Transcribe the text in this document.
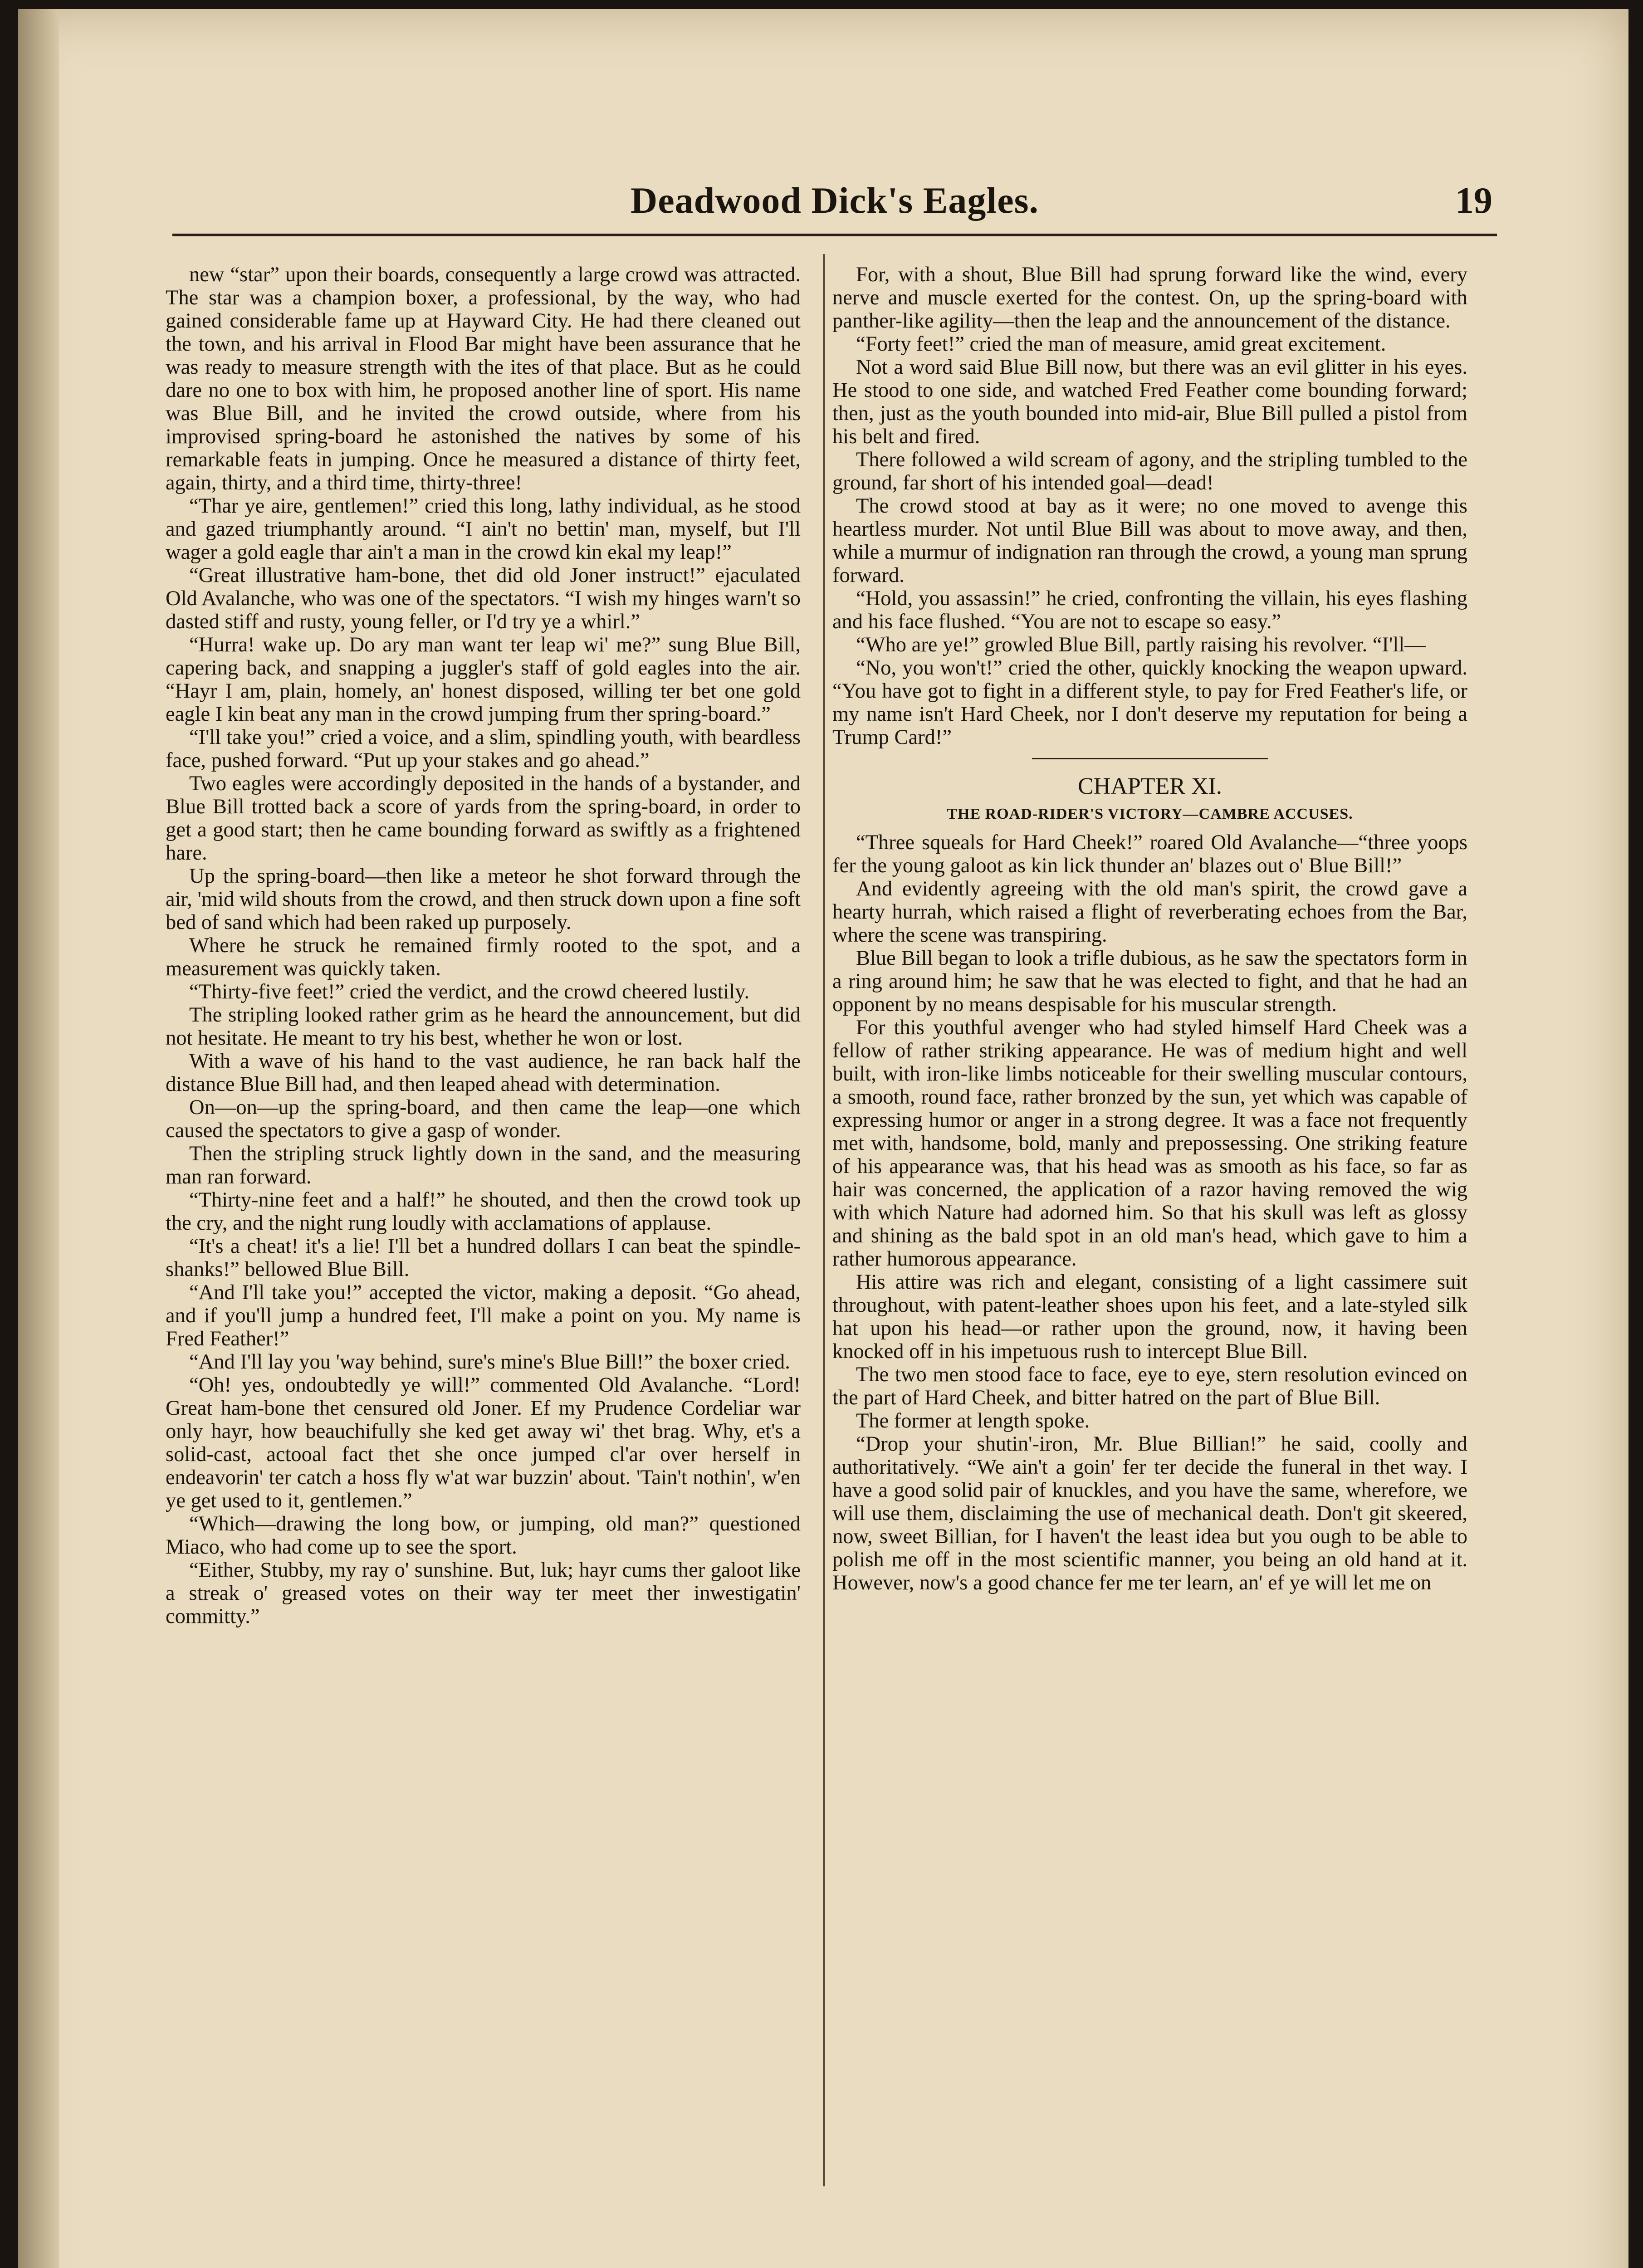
Deadwood Dick's Eagles.	19

new “star” upon their boards, consequently a large crowd was attracted. The star was a champion boxer, a professional, by the way, who had gained considerable fame up at Hayward City. He had there cleaned out the town, and his arrival in Flood Bar might have been assurance that he was ready to measure strength with the ites of that place. But as he could dare no one to box with him, he proposed another line of sport. His name was Blue Bill, and he invited the crowd outside, where from his improvised spring-board he astonished the natives by some of his remarkable feats in jumping. Once he measured a distance of thirty feet, again, thirty, and a third time, thirty-three!

“Thar ye aire, gentlemen!” cried this long, lathy individual, as he stood and gazed triumphantly around. “I ain't no bettin' man, myself, but I'll wager a gold eagle thar ain't a man in the crowd kin ekal my leap!”

“Great illustrative ham-bone, thet did old Joner instruct!” ejaculated Old Avalanche, who was one of the spectators. “I wish my hinges warn't so dasted stiff and rusty, young feller, or I'd try ye a whirl.”

“Hurra! wake up. Do ary man want ter leap wi' me?” sung Blue Bill, capering back, and snapping a juggler's staff of gold eagles into the air. “Hayr I am, plain, homely, an' honest disposed, willing ter bet one gold eagle I kin beat any man in the crowd jumping frum ther spring-board.”

“I'll take you!” cried a voice, and a slim, spindling youth, with beardless face, pushed forward. “Put up your stakes and go ahead.”

Two eagles were accordingly deposited in the hands of a bystander, and Blue Bill trotted back a score of yards from the spring-board, in order to get a good start; then he came bounding forward as swiftly as a frightened hare.

Up the spring-board—then like a meteor he shot forward through the air, 'mid wild shouts from the crowd, and then struck down upon a fine soft bed of sand which had been raked up purposely.

Where he struck he remained firmly rooted to the spot, and a measurement was quickly taken.

“Thirty-five feet!” cried the verdict, and the crowd cheered lustily.

The stripling looked rather grim as he heard the announcement, but did not hesitate. He meant to try his best, whether he won or lost.

With a wave of his hand to the vast audience, he ran back half the distance Blue Bill had, and then leaped ahead with determination.

On—on—up the spring-board, and then came the leap—one which caused the spectators to give a gasp of wonder.

Then the stripling struck lightly down in the sand, and the measuring man ran forward.

“Thirty-nine feet and a half!” he shouted, and then the crowd took up the cry, and the night rung loudly with acclamations of applause.

“It's a cheat! it's a lie! I'll bet a hundred dollars I can beat the spindle-shanks!” bellowed Blue Bill.

“And I'll take you!” accepted the victor, making a deposit. “Go ahead, and if you'll jump a hundred feet, I'll make a point on you. My name is Fred Feather!”

“And I'll lay you 'way behind, sure's mine's Blue Bill!” the boxer cried.

“Oh! yes, ondoubtedly ye will!” commented Old Avalanche. “Lord! Great ham-bone thet censured old Joner. Ef my Prudence Cordeliar war only hayr, how beauchifully she ked get away wi' thet brag. Why, et's a solid-cast, actooal fact thet she once jumped cl'ar over herself in endeavorin' ter catch a hoss fly w'at war buzzin' about. 'Tain't nothin', w'en ye get used to it, gentlemen.”

“Which—drawing the long bow, or jumping, old man?” questioned Miaco, who had come up to see the sport.

“Either, Stubby, my ray o' sunshine. But, luk; hayr cums ther galoot like a streak o' greased votes on their way ter meet ther inwestigatin' committy.”

For, with a shout, Blue Bill had sprung forward like the wind, every nerve and muscle exerted for the contest. On, up the spring-board with panther-like agility—then the leap and the announcement of the distance.

“Forty feet!” cried the man of measure, amid great excitement.

Not a word said Blue Bill now, but there was an evil glitter in his eyes. He stood to one side, and watched Fred Feather come bounding forward; then, just as the youth bounded into mid-air, Blue Bill pulled a pistol from his belt and fired.

There followed a wild scream of agony, and the stripling tumbled to the ground, far short of his intended goal—dead!

The crowd stood at bay as it were; no one moved to avenge this heartless murder. Not until Blue Bill was about to move away, and then, while a murmur of indignation ran through the crowd, a young man sprung forward.

“Hold, you assassin!” he cried, confronting the villain, his eyes flashing and his face flushed. “You are not to escape so easy.”

“Who are ye!” growled Blue Bill, partly raising his revolver. “I'll—

“No, you won't!” cried the other, quickly knocking the weapon upward. “You have got to fight in a different style, to pay for Fred Feather's life, or my name isn't Hard Cheek, nor I don't deserve my reputation for being a Trump Card!”

CHAPTER XI.
THE ROAD-RIDER'S VICTORY—CAMBRE ACCUSES.

“Three squeals for Hard Cheek!” roared Old Avalanche—“three yoops fer the young galoot as kin lick thunder an' blazes out o' Blue Bill!”

And evidently agreeing with the old man's spirit, the crowd gave a hearty hurrah, which raised a flight of reverberating echoes from the Bar, where the scene was transpiring.

Blue Bill began to look a trifle dubious, as he saw the spectators form in a ring around him; he saw that he was elected to fight, and that he had an opponent by no means despisable for his muscular strength.

For this youthful avenger who had styled himself Hard Cheek was a fellow of rather striking appearance. He was of medium hight and well built, with iron-like limbs noticeable for their swelling muscular contours, a smooth, round face, rather bronzed by the sun, yet which was capable of expressing humor or anger in a strong degree. It was a face not frequently met with, handsome, bold, manly and prepossessing. One striking feature of his appearance was, that his head was as smooth as his face, so far as hair was concerned, the application of a razor having removed the wig with which Nature had adorned him. So that his skull was left as glossy and shining as the bald spot in an old man's head, which gave to him a rather humorous appearance.

His attire was rich and elegant, consisting of a light cassimere suit throughout, with patent-leather shoes upon his feet, and a late-styled silk hat upon his head—or rather upon the ground, now, it having been knocked off in his impetuous rush to intercept Blue Bill.

The two men stood face to face, eye to eye, stern resolution evinced on the part of Hard Cheek, and bitter hatred on the part of Blue Bill.

The former at length spoke.

“Drop your shutin'-iron, Mr. Blue Billian!” he said, coolly and authoritatively. “We ain't a goin' fer ter decide the funeral in thet way. I have a good solid pair of knuckles, and you have the same, wherefore, we will use them, disclaiming the use of mechanical death. Don't git skeered, now, sweet Billian, for I haven't the least idea but you ough to be able to polish me off in the most scientific manner, you being an old hand at it. However, now's a good chance fer me ter learn, an' ef ye will let me on
